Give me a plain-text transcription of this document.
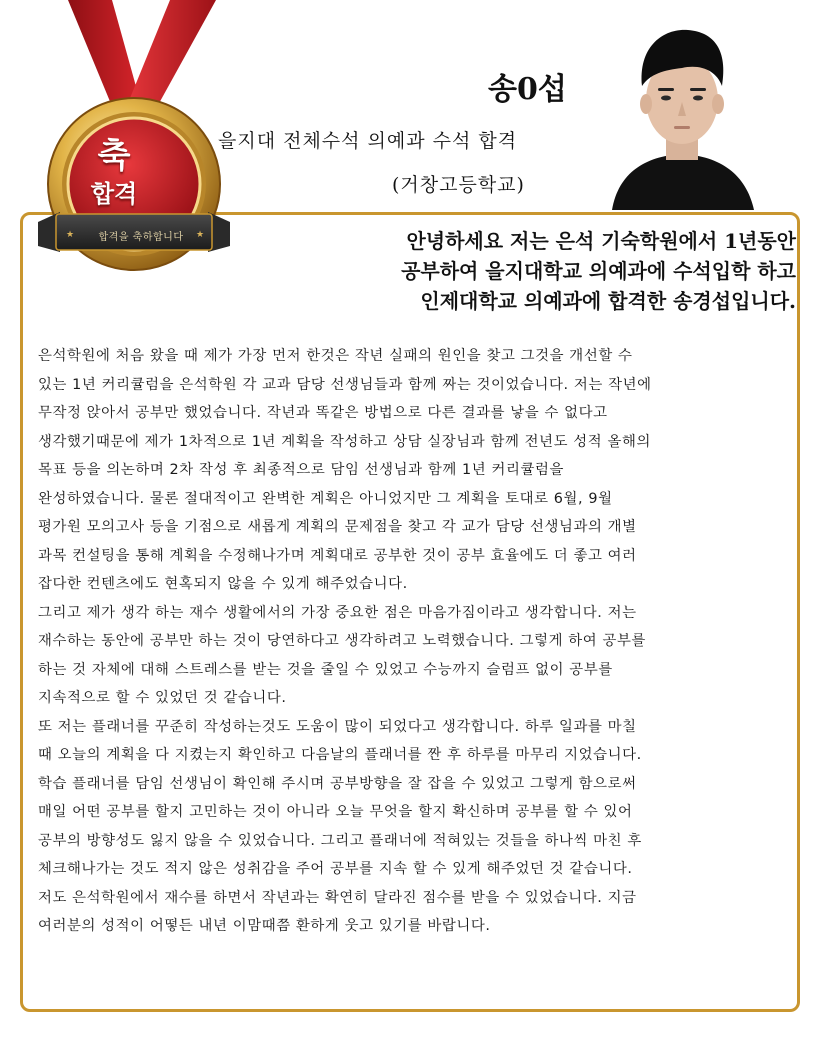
★	★
축
합격
합격을 축하합니다
송0섭
을지대 전체수석 의예과 수석 합격
(거창고등학교)
안녕하세요 저는 은석 기숙학원에서 1년동안
공부하여 을지대학교 의예과에 수석입학 하고
인제대학교 의예과에 합격한 송경섭입니다.
은석학원에 처음 왔을 때 제가 가장 먼저 한것은 작년 실패의 원인을 찾고 그것을 개선할 수
있는 1년 커리큘럼을 은석학원 각 교과 담당 선생님들과 함께 짜는 것이었습니다. 저는 작년에
무작정 앉아서 공부만 했었습니다. 작년과 똑같은 방법으로 다른 결과를 낳을 수 없다고
생각했기때문에 제가 1차적으로 1년 계획을 작성하고 상담 실장님과 함께 전년도 성적 올해의
목표 등을 의논하며 2차 작성 후 최종적으로 담임 선생님과 함께 1년 커리큘럼을
완성하였습니다. 물론 절대적이고 완벽한 계획은 아니었지만 그 계획을 토대로 6월, 9월
평가원 모의고사 등을 기점으로 새롭게 계획의 문제점을 찾고 각 교가 담당 선생님과의 개별
과목 컨설팅을 통해 계획을 수정해나가며 계획대로 공부한 것이 공부 효율에도 더 좋고 여러
잡다한 컨텐츠에도 현혹되지 않을 수 있게 해주었습니다.
그리고 제가 생각 하는 재수 생활에서의 가장 중요한 점은 마음가짐이라고 생각합니다. 저는
재수하는 동안에 공부만 하는 것이 당연하다고 생각하려고 노력했습니다. 그렇게 하여 공부를
하는 것 자체에 대해 스트레스를 받는 것을 줄일 수 있었고 수능까지 슬럼프 없이 공부를
지속적으로 할 수 있었던 것 같습니다.
또 저는 플래너를 꾸준히 작성하는것도 도움이 많이 되었다고 생각합니다. 하루 일과를 마칠
때 오늘의 계획을 다 지켰는지 확인하고 다음날의 플래너를 짠 후 하루를 마무리 지었습니다.
학습 플래너를 담임 선생님이 확인해 주시며 공부방향을 잘 잡을 수 있었고 그렇게 함으로써
매일 어떤 공부를 할지 고민하는 것이 아니라 오늘 무엇을 할지 확신하며 공부를 할 수 있어
공부의 방향성도 잃지 않을 수 있었습니다. 그리고 플래너에 적혀있는 것들을 하나씩 마친 후
체크해나가는 것도 적지 않은 성취감을 주어 공부를 지속 할 수 있게 해주었던 것 같습니다.
저도 은석학원에서 재수를 하면서 작년과는 확연히 달라진 점수를 받을 수 있었습니다. 지금
여러분의 성적이 어떻든 내년 이맘때쯤 환하게 웃고 있기를 바랍니다.
